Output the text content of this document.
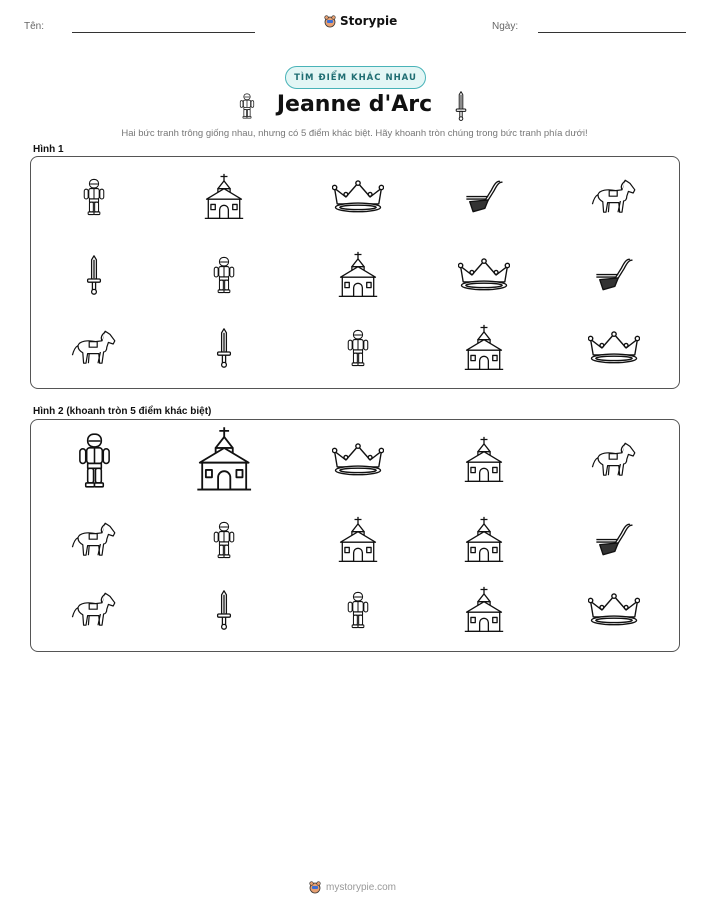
Tên:	Storypie	Ngày:
TÌM ĐIỂM KHÁC NHAU
Jeanne d'Arc
Hai bức tranh trông giống nhau, nhưng có 5 điểm khác biệt. Hãy khoanh tròn chúng trong bức tranh phía dưới!
Hình 1
Hình 2 (khoanh tròn 5 điểm khác biệt)
mystorypie.com
